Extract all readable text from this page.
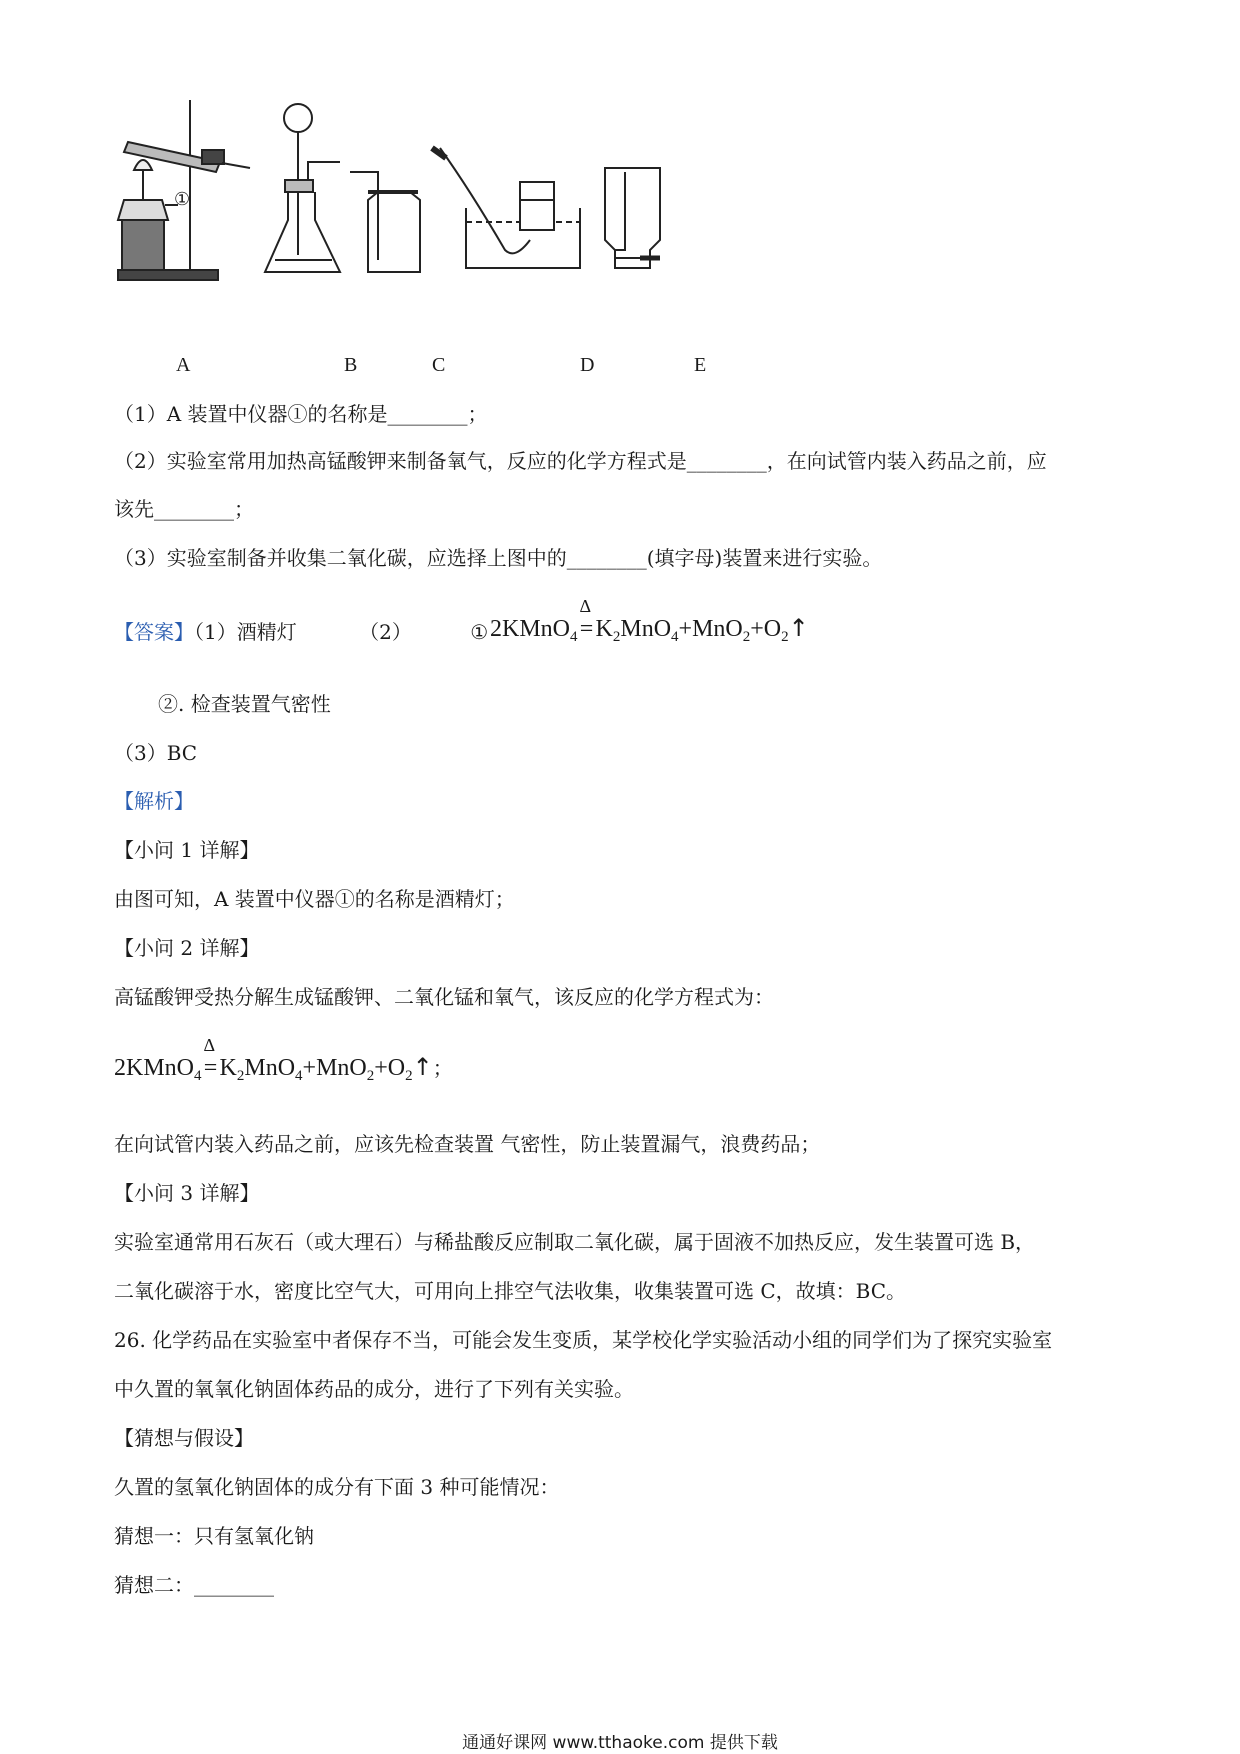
①
A	B	C	D	E
（1）A 装置中仪器①的名称是________；
（2）实验室常用加热高锰酸钾来制备氧气，反应的化学方程式是________，在向试管内装入药品之前，应
该先________；
（3）实验室制备并收集二氧化碳，应选择上图中的________(填字母)装置来进行实验。
【答案】（1）酒精灯	（2）	① 2KMnO$_4$
Δ
$=K_2MnO_4+MnO_2+O_2↑$
②. 检查装置气密性
（3）BC
【解析】
【小问 1 详解】
由图可知，A 装置中仪器①的名称是酒精灯；
【小问 2 详解】
高锰酸钾受热分解生成锰酸钾、二氧化锰和氧气，该反应的化学方程式为：
2KMnO$_4$
Δ
$=K_2MnO_4+MnO_2+O_2↑$；
在向试管内装入药品之前，应该先检查装置 气密性，防止装置漏气，浪费药品；
【小问 3 详解】
实验室通常用石灰石（或大理石）与稀盐酸反应制取二氧化碳，属于固液不加热反应，发生装置可选 B，
二氧化碳溶于水，密度比空气大，可用向上排空气法收集，收集装置可选 C，故填：BC。
26. 化学药品在实验室中者保存不当，可能会发生变质，某学校化学实验活动小组的同学们为了探究实验室
中久置的氧氧化钠固体药品的成分，进行了下列有关实验。
【猜想与假设】
久置的氢氧化钠固体的成分有下面 3 种可能情况：
猜想一：只有氢氧化钠
猜想二：________
通通好课网 www.tthaoke.com 提供下载
